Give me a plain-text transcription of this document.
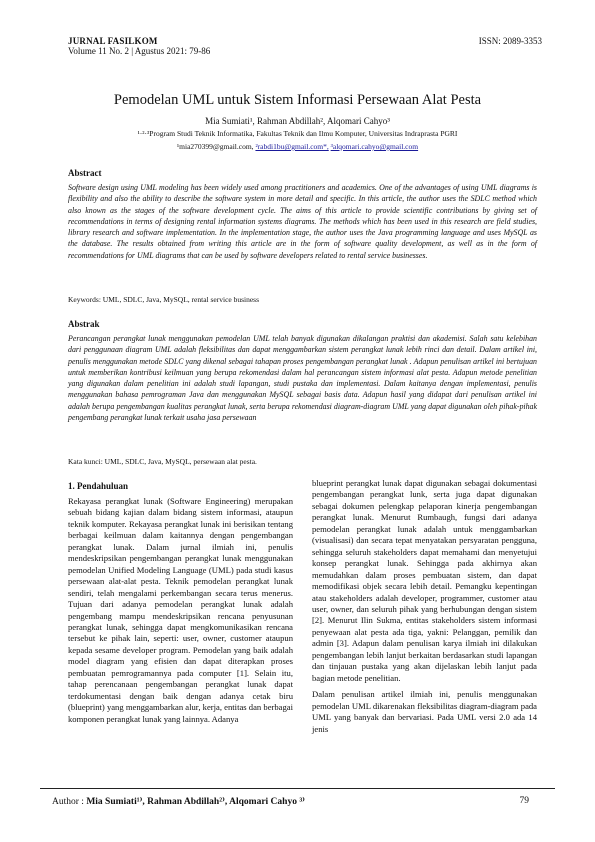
JURNAL FASILKOM
Volume 11 No. 2 | Agustus 2021: 79-86
ISSN: 2089-3353
Pemodelan UML untuk Sistem Informasi Persewaan Alat Pesta
Mia Sumiati¹, Rahman Abdillah², Alqomari Cahyo³
¹·²·³Program Studi Teknik Informatika, Fakultas Teknik dan Ilmu Komputer, Universitas Indraprasta PGRI
¹mia270399@gmail.com, ²rabdi1bu@gmail.com*, ³alqomari.cahyo@gmail.com
Abstract
Software design using UML modeling has been widely used among practitioners and academics. One of the advantages of using UML diagrams is flexibility and also the ability to describe the software system in more detail and specific. In this article, the author uses the SDLC method which also known as the stages of the software development cycle. The aims of this article to provide scientific contributions by giving set of recommendations in terms of designing rental information systems diagrams. The methods which has been used in this research are field studies, library research and software implementation. In the implementation stage, the author uses the Java programming language and uses MySQL as the database. The results obtained from writing this article are in the form of software quality development, as well as in the form of recommendations for UML diagrams that can be used by software developers related to rental service businesses.
Keywords: UML, SDLC, Java, MySQL, rental service business
Abstrak
Perancangan perangkat lunak menggunakan pemodelan UML telah banyak digunakan dikalangan praktisi dan akademisi. Salah satu kelebihan dari penggunaan diagram UML adalah fleksibilitas dan dapat menggambarkan sistem perangkat lunak lebih rinci dan detail. Dalam artikel ini, penulis menggunakan metode SDLC yang dikenal sebagai tahapan proses pengembangan perangkat lunak . Adapun penulisan artikel ini bertujuan untuk memberikan kontribusi keilmuan yang berupa rekomendasi dalam hal perancangan sistem informasi alat pesta. Adapun metode penelitian yang digunakan dalam penelitian ini adalah studi lapangan, studi pustaka dan implementasi. Dalam kaitanya dengan implementasi, penulis menggunakan bahasa pemrograman Java dan menggunakan MySQL sebagai basis data. Adapun hasil yang didapat dari penulisan artikel ini adalah berupa pengembangan kualitas perangkat lunak, serta berupa rekomendasi diagram-diagram UML yang dapat digunakan oleh pihak-pihak pengembang perangkat lunak terkait usaha jasa persewaan
Kata kunci: UML, SDLC, Java, MySQL, persewaan alat pesta.
1. Pendahuluan

Rekayasa perangkat lunak (Software Engineering) merupakan sebuah bidang kajian dalam bidang sistem informasi, ataupun teknik komputer. Rekayasa perangkat lunak ini berisikan tentang berbagai keilmuan dalam kaitannya dengan pengembangan perangkat lunak. Dalam jurnal ilmiah ini, penulis mendeskripsikan pengembangan perangkat lunak menggunakan pemodelan Unified Modeling Language (UML) pada studi kasus persewaan alat-alat pesta. Teknik pemodelan perangkat lunak sendiri, telah mengalami perkembangan secara terus menerus. Tujuan dari adanya pemodelan perangkat lunak adalah pengembang mampu mendeskripsikan rencana penyusunan perangkat lunak, sehingga dapat mengkomunikasikan rencana tersebut ke pihak lain, seperti: user, owner, customer ataupun kepada sesame developer program. Pemodelan yang baik adalah model diagram yang efisien dan dapat diterapkan proses pembuatan pemrogramannya pada computer [1]. Selain itu, tahap perencanaan pengembangan perangkat lunak dapat terdokumentasi dengan baik dengan adanya cetak biru (blueprint) yang menggambarkan alur, kerja, entitas dan berbagai komponen perangkat lunak yang lainnya. Adanya

blueprint perangkat lunak dapat digunakan sebagai dokumentasi pengembangan perangkat lunk, serta juga dapat digunakan sebagai dokumen pelengkap pelaporan kinerja pengembangan perangkat lunak. Menurut Rumbaugh, fungsi dari adanya pemodelan perangkat lunak adalah untuk menggambarkan (visualisasi) dan secara tepat menyatakan persyaratan pengguna, sehingga seluruh stakeholders dapat memahami dan menyetujui konsep perangkat lunak. Sehingga pada akhirnya akan memudahkan dalam proses pembuatan sistem, dan dapat memodifikasi objek secara lebih detail. Pemangku kepentingan atau stakeholders adalah developer, programmer, customer atau user, owner, dan seluruh pihak yang berhubungan dengan sistem [2]. Menurut Ilin Sukma, entitas stakeholders sistem informasi penyewaan alat pesta ada tiga, yakni: Pelanggan, pemilik dan admin [3]. Adapun dalam penulisan karya ilmiah ini dilakukan pengembangan lebih lanjut berkaitan berdasarkan studi lapangan dan tinjauan pustaka yang akan dijelaskan lebih lanjut pada bagian metode penelitian.

Dalam penulisan artikel ilmiah ini, penulis menggunakan pemodelan UML dikarenakan fleksibilitas diagram-diagram pada UML yang banyak dan bervariasi. Pada UML versi 2.0 ada 14 jenis

Author : Mia Sumiati¹⁾, Rahman Abdillah²⁾, Alqomari Cahyo ³⁾	79
